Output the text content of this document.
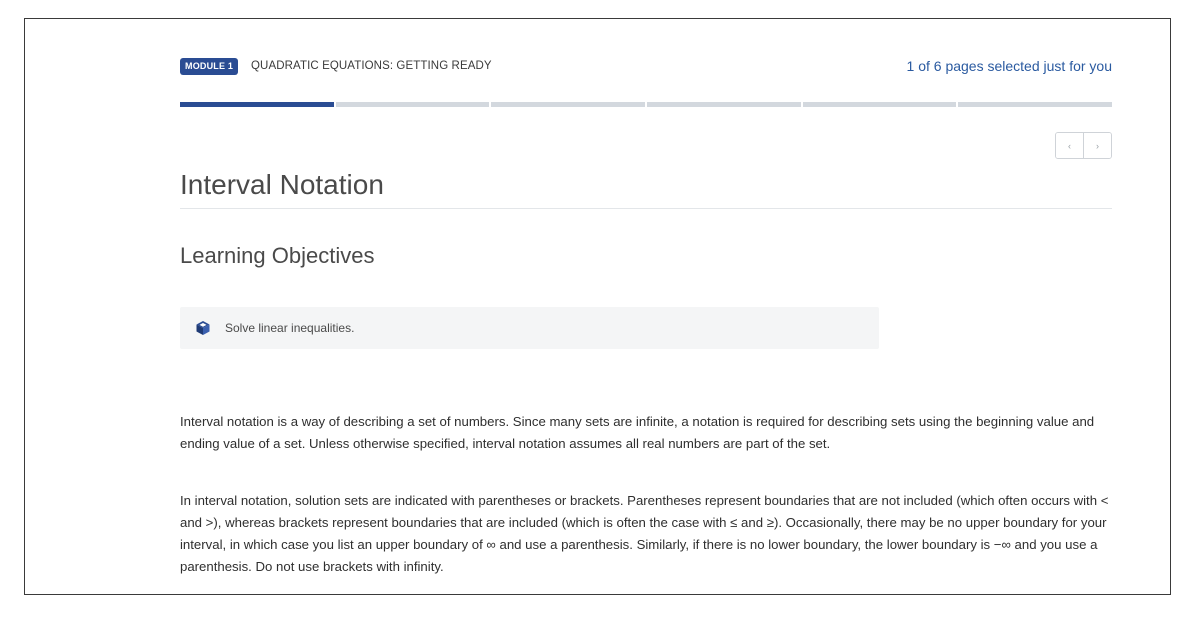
MODULE 1	QUADRATIC EQUATIONS: GETTING READY	1 of 6 pages selected just for you
‹	›
Interval Notation
Learning Objectives
Solve linear inequalities.

Interval notation is a way of describing a set of numbers. Since many sets are infinite, a notation is required for describing sets using the beginning value and ending value of a set. Unless otherwise specified, interval notation assumes all real numbers are part of the set.

In interval notation, solution sets are indicated with parentheses or brackets. Parentheses represent boundaries that are not included (which often occurs with < and >), whereas brackets represent boundaries that are included (which is often the case with ≤ and ≥). Occasionally, there may be no upper boundary for your interval, in which case you list an upper boundary of ∞ and use a parenthesis. Similarly, if there is no lower boundary, the lower boundary is −∞ and you use a parenthesis. Do not use brackets with infinity.
